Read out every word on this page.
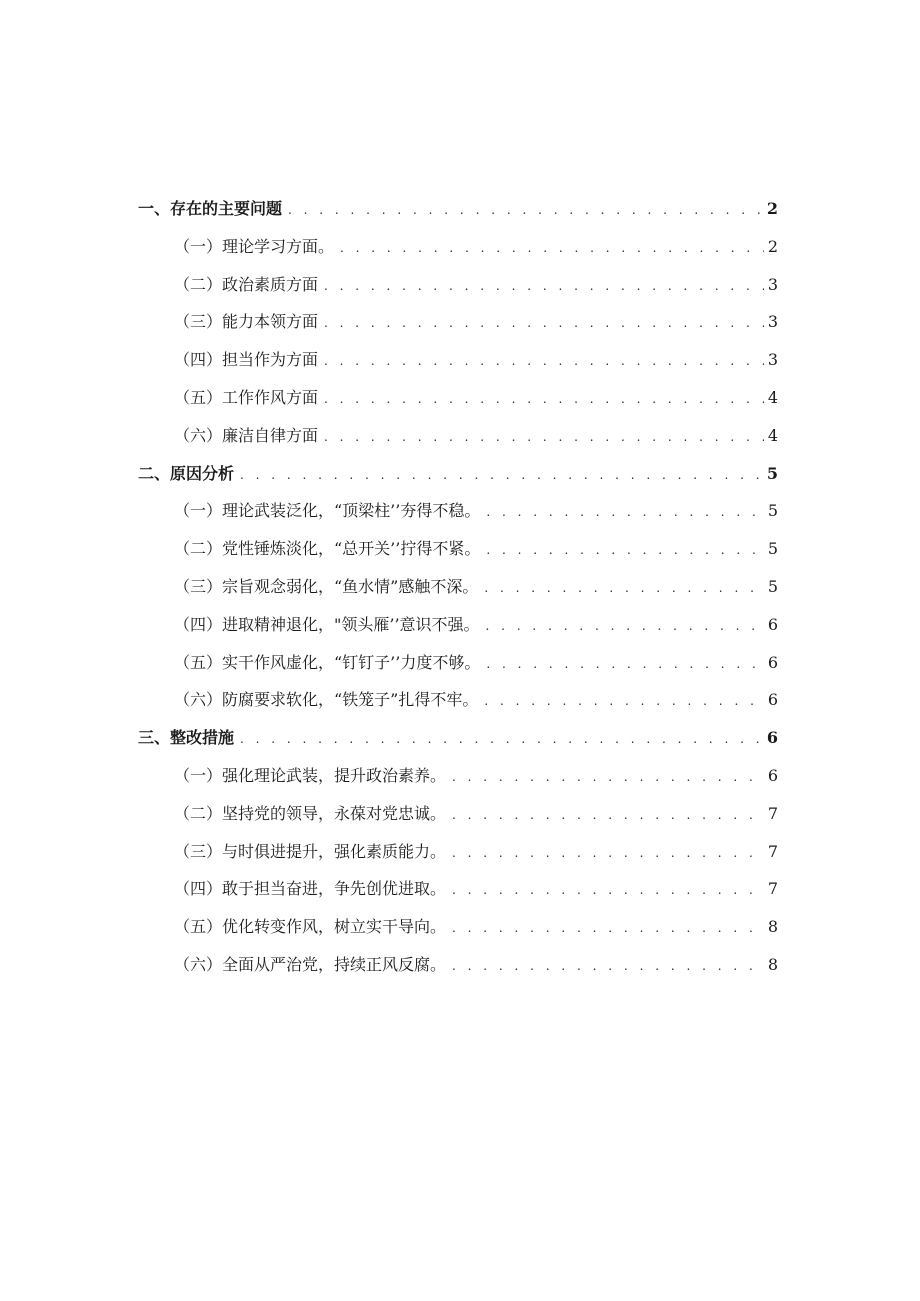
一、存在的主要问题 . . .	2
（一）理论学习方面。 . . .	2
（二）政治素质方面 . . .	3
（三）能力本领方面 . . .	3
（四）担当作为方面 . . .	3
（五）工作作风方面 . . .	4
（六）廉洁自律方面 . . .	4
二、原因分析 . . .	5
（一）理论武装泛化，“顶梁柱’’夯得不稳。 . . .	5
（二）党性锤炼淡化，“总开关’’拧得不紧。 . . .	5
（三）宗旨观念弱化，“鱼水情”感触不深。 . . .	5
（四）进取精神退化，"领头雁’’意识不强。 . . .	6
（五）实干作风虚化，“钉钉子’’力度不够。 . . .	6
（六）防腐要求软化，“铁笼子”扎得不牢。 . . .	6
三、整改措施 . . .	6
（一）强化理论武装，提升政治素养。 . . .	6
（二）坚持党的领导，永葆对党忠诚。 . . .	7
（三）与时俱进提升，强化素质能力。 . . .	7
（四）敢于担当奋进，争先创优进取。 . . .	7
（五）优化转变作风，树立实干导向。 . . .	8
（六）全面从严治党，持续正风反腐。 . . .	8
